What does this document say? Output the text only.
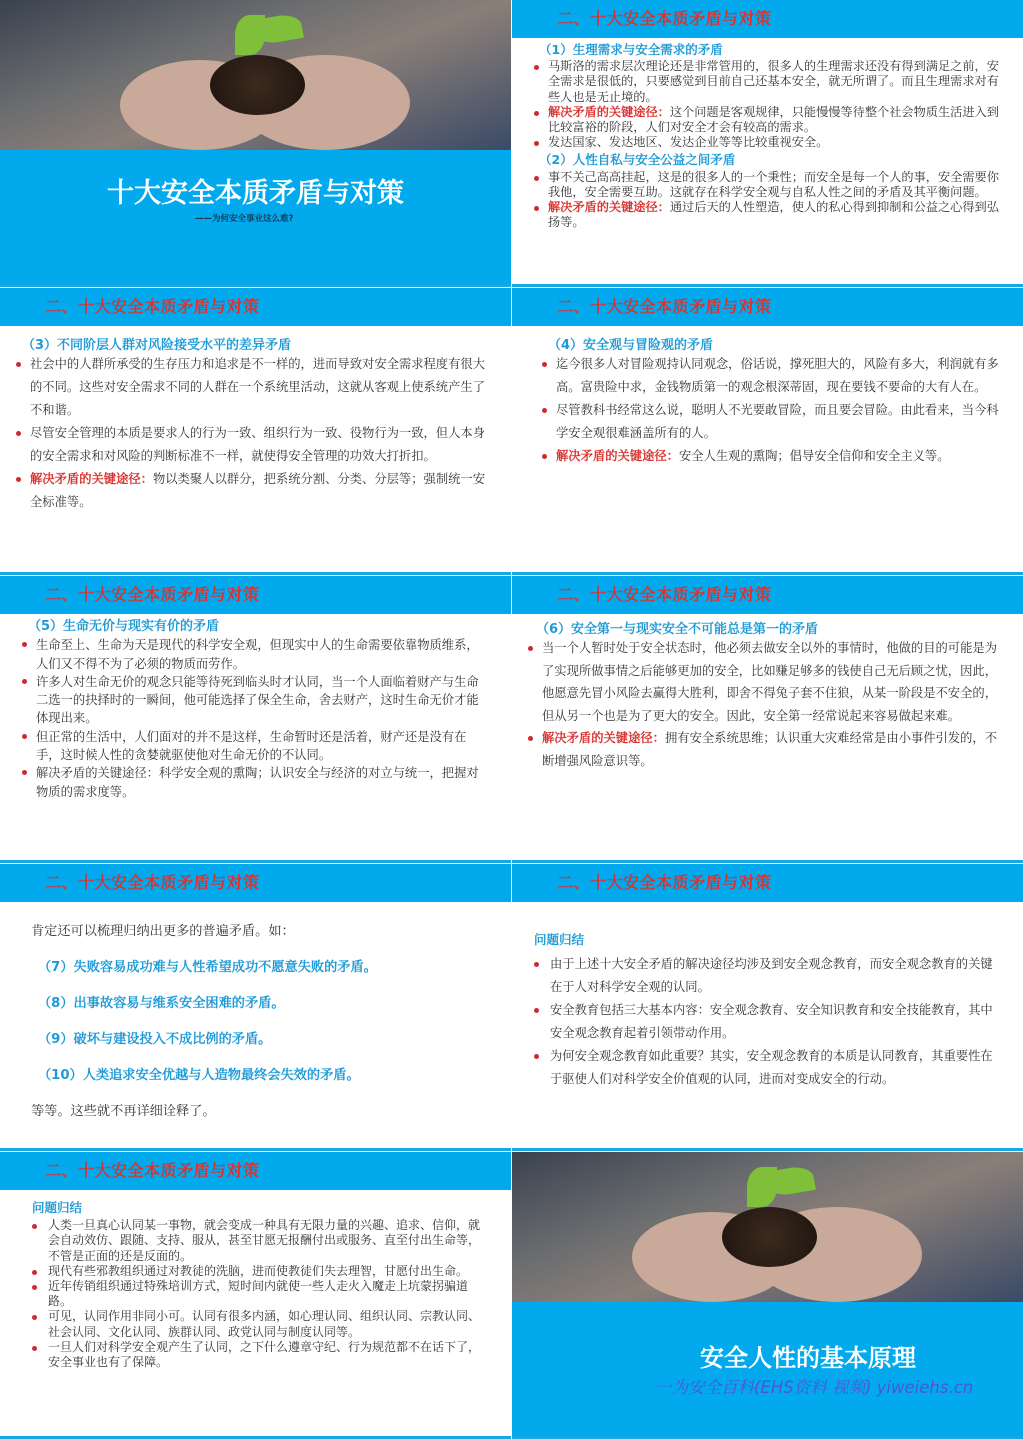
十大安全本质矛盾与对策
——为何安全事业这么难?
二、十大安全本质矛盾与对策
（1）生理需求与安全需求的矛盾
马斯洛的需求层次理论还是非常管用的，很多人的生理需求还没有得到满足之前，安全需求是很低的，只要感觉到目前自己还基本安全，就无所谓了。而且生理需求对有些人也是无止境的。
解决矛盾的关键途径：这个问题是客观规律，只能慢慢等待整个社会物质生活进入到比较富裕的阶段，人们对安全才会有较高的需求。
发达国家、发达地区、发达企业等等比较重视安全。
（2）人性自私与安全公益之间矛盾
事不关己高高挂起，这是的很多人的一个秉性；而安全是每一个人的事，安全需要你我他，安全需要互助。这就存在科学安全观与自私人性之间的矛盾及其平衡问题。
解决矛盾的关键途径：通过后天的人性塑造，使人的私心得到抑制和公益之心得到弘扬等。
二、十大安全本质矛盾与对策
（3）不同阶层人群对风险接受水平的差异矛盾
社会中的人群所承受的生存压力和追求是不一样的，进而导致对安全需求程度有很大的不同。这些对安全需求不同的人群在一个系统里活动，这就从客观上使系统产生了不和谐。
尽管安全管理的本质是要求人的行为一致、组织行为一致、役物行为一致，但人本身的安全需求和对风险的判断标准不一样，就使得安全管理的功效大打折扣。
解决矛盾的关键途径：物以类聚人以群分，把系统分割、分类、分层等；强制统一安全标准等。
二、十大安全本质矛盾与对策
（4）安全观与冒险观的矛盾
迄今很多人对冒险观持认同观念，俗话说，撑死胆大的，风险有多大，利润就有多高。富贵险中求，金钱物质第一的观念根深蒂固，现在要钱不要命的大有人在。
尽管教科书经常这么说，聪明人不光要敢冒险，而且要会冒险。由此看来，当今科学安全观很难涵盖所有的人。
解决矛盾的关键途径：安全人生观的熏陶；倡导安全信仰和安全主义等。
二、十大安全本质矛盾与对策
（5）生命无价与现实有价的矛盾
生命至上、生命为天是现代的科学安全观，但现实中人的生命需要依靠物质维系，人们又不得不为了必须的物质而劳作。
许多人对生命无价的观念只能等待死到临头时才认同，当一个人面临着财产与生命二选一的抉择时的一瞬间，他可能选择了保全生命，舍去财产，这时生命无价才能体现出来。
但正常的生活中，人们面对的并不是这样，生命暂时还是活着，财产还是没有在手，这时候人性的贪婪就驱使他对生命无价的不认同。
解决矛盾的关键途径：科学安全观的熏陶；认识安全与经济的对立与统一，把握对物质的需求度等。
二、十大安全本质矛盾与对策
（6）安全第一与现实安全不可能总是第一的矛盾
当一个人暂时处于安全状态时，他必须去做安全以外的事情时，他做的目的可能是为了实现所做事情之后能够更加的安全，比如赚足够多的钱使自己无后顾之忧，因此，他愿意先冒小风险去赢得大胜利，即舍不得兔子套不住狼，从某一阶段是不安全的，但从另一个也是为了更大的安全。因此，安全第一经常说起来容易做起来难。
解决矛盾的关键途径：拥有安全系统思维；认识重大灾难经常是由小事件引发的，不断增强风险意识等。
二、十大安全本质矛盾与对策
肯定还可以梳理归纳出更多的普遍矛盾。如：
（7）失败容易成功难与人性希望成功不愿意失败的矛盾。
（8）出事故容易与维系安全困难的矛盾。
（9）破坏与建设投入不成比例的矛盾。
（10）人类追求安全优越与人造物最终会失效的矛盾。
等等。这些就不再详细诠释了。
二、十大安全本质矛盾与对策
问题归结
由于上述十大安全矛盾的解决途径均涉及到安全观念教育，而安全观念教育的关键在于人对科学安全观的认同。
安全教育包括三大基本内容：安全观念教育、安全知识教育和安全技能教育，其中安全观念教育起着引领带动作用。
为何安全观念教育如此重要？其实，安全观念教育的本质是认同教育，其重要性在于驱使人们对科学安全价值观的认同，进而对变成安全的行动。
二、十大安全本质矛盾与对策
问题归结
人类一旦真心认同某一事物，就会变成一种具有无限力量的兴趣、追求、信仰，就会自动效仿、跟随、支持、服从，甚至甘愿无报酬付出或服务、直至付出生命等，不管是正面的还是反面的。
现代有些邪教组织通过对教徒的洗脑，进而使教徒们失去理智，甘愿付出生命。
近年传销组织通过特殊培训方式，短时间内就使一些人走火入魔走上坑蒙拐骗道路。
可见，认同作用非同小可。认同有很多内涵，如心理认同、组织认同、宗教认同、社会认同、文化认同、族群认同、政党认同与制度认同等。
一旦人们对科学安全观产生了认同，之下什么遵章守纪、行为规范都不在话下了，安全事业也有了保障。	安全人性的基本原理
一为安全百科(EHS资料 视频) yiweiehs.cn
